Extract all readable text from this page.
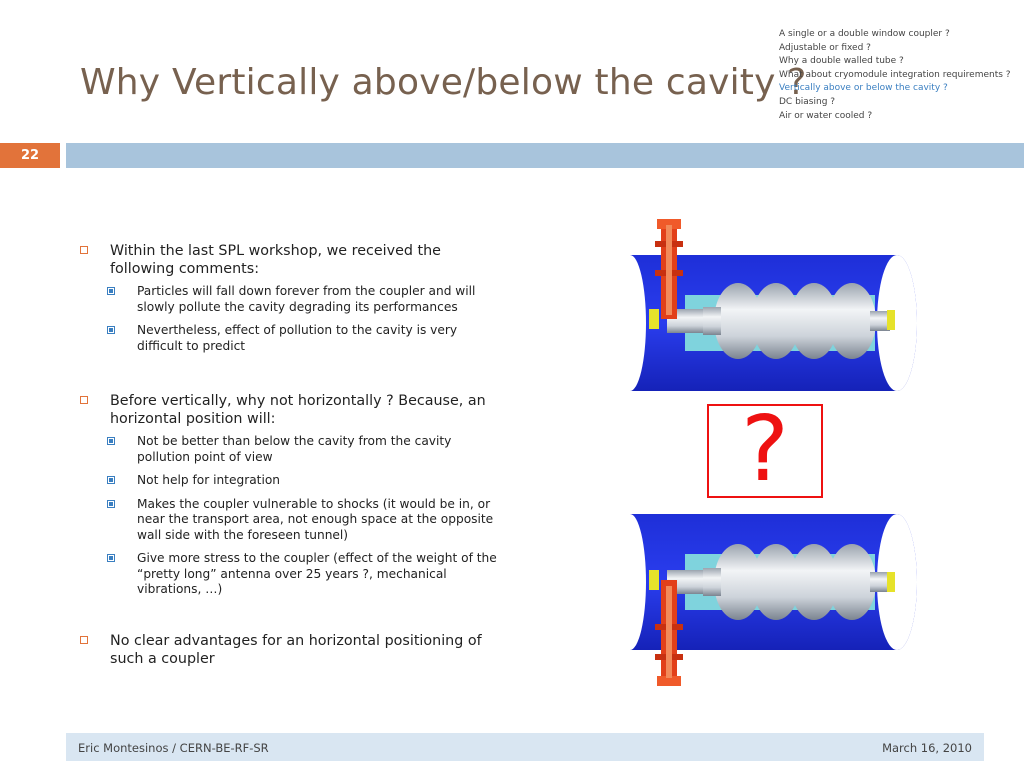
Why Vertically above/below the cavity ?
A single or a double window coupler ?
Adjustable or fixed ?
Why a double walled tube ?
What about cryomodule integration requirements ?
Vertically above or below the cavity ?
DC biasing ?
Air or water cooled ?
22
Within the last SPL workshop, we received the following comments:
Particles will fall down forever from the coupler and will slowly pollute the cavity degrading its performances
Nevertheless, effect of pollution to the cavity is very difficult to predict
Before vertically, why not horizontally ? Because, an horizontal position will:
Not be better than below the cavity from the cavity pollution point of view
Not help for integration
Makes the coupler vulnerable to shocks (it would be in, or near the transport area, not enough space at the opposite wall side with the foreseen tunnel)
Give more stress to the coupler (effect of the weight of the “pretty long” antenna over 25 years ?, mechanical vibrations, …)
No clear advantages for an horizontal positioning of such a coupler
?
Eric Montesinos / CERN-BE-RF-SR	March 16, 2010
